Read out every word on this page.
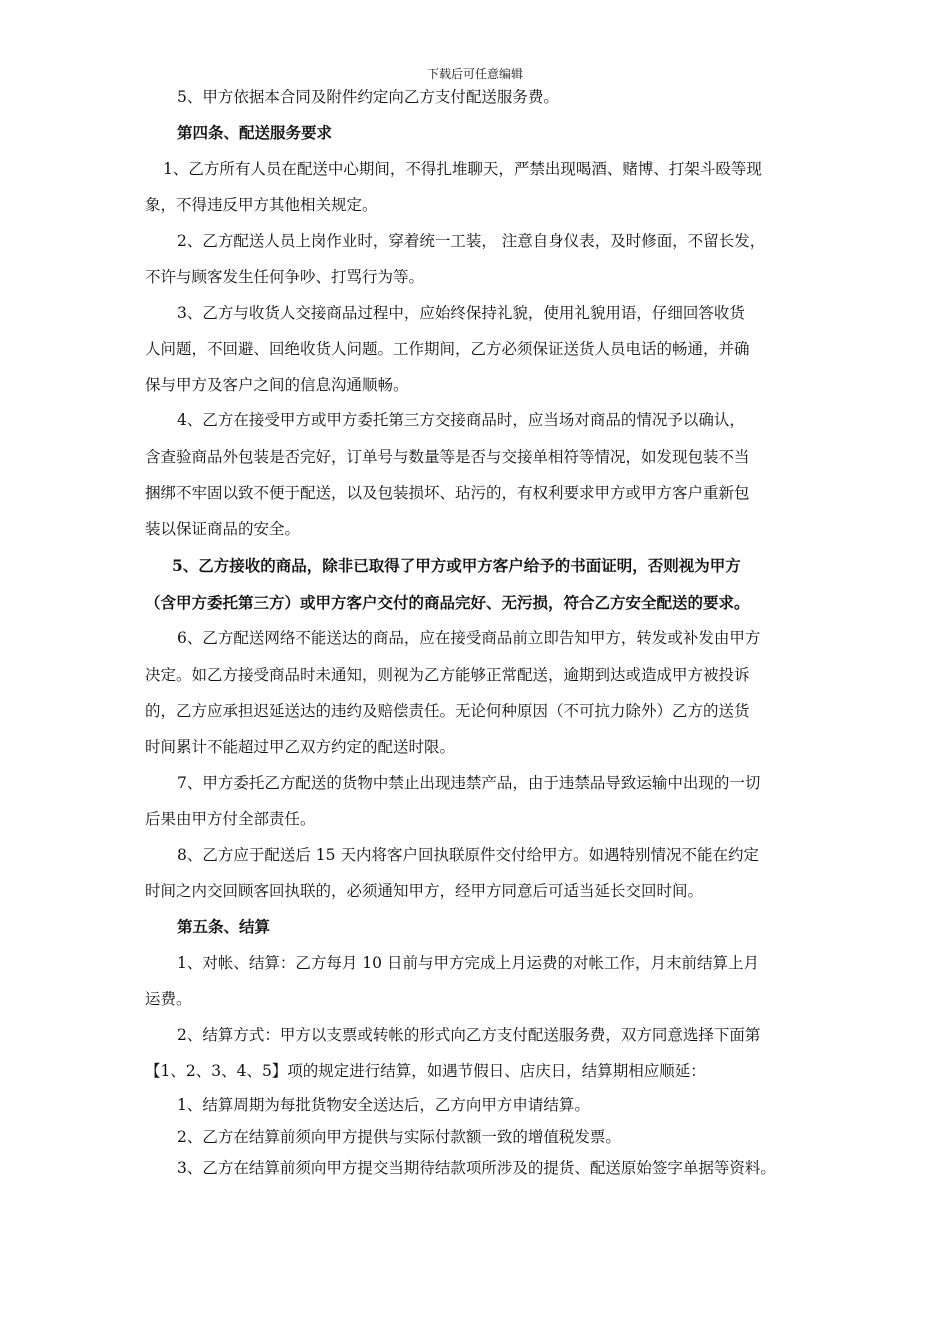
下载后可任意编辑
5、甲方依据本合同及附件约定向乙方支付配送服务费。
第四条、配送服务要求
1、乙方所有人员在配送中心期间，不得扎堆聊天，严禁出现喝酒、赌博、打架斗殴等现
象，不得违反甲方其他相关规定。
2、乙方配送人员上岗作业时，穿着统一工装， 注意自身仪表，及时修面，不留长发，
不许与顾客发生任何争吵、打骂行为等。
3、乙方与收货人交接商品过程中，应始终保持礼貌，使用礼貌用语，仔细回答收货
人问题，不回避、回绝收货人问题。工作期间，乙方必须保证送货人员电话的畅通，并确
保与甲方及客户之间的信息沟通顺畅。
4、乙方在接受甲方或甲方委托第三方交接商品时，应当场对商品的情况予以确认，
含查验商品外包装是否完好，订单号与数量等是否与交接单相符等情况，如发现包装不当
捆绑不牢固以致不便于配送，以及包装损坏、玷污的，有权利要求甲方或甲方客户重新包
装以保证商品的安全。
5、乙方接收的商品，除非已取得了甲方或甲方客户给予的书面证明，否则视为甲方
（含甲方委托第三方）或甲方客户交付的商品完好、无污损，符合乙方安全配送的要求。
6、乙方配送网络不能送达的商品，应在接受商品前立即告知甲方，转发或补发由甲方
决定。如乙方接受商品时未通知，则视为乙方能够正常配送，逾期到达或造成甲方被投诉
的，乙方应承担迟延送达的违约及赔偿责任。无论何种原因（不可抗力除外）乙方的送货
时间累计不能超过甲乙双方约定的配送时限。
7、甲方委托乙方配送的货物中禁止出现违禁产品，由于违禁品导致运输中出现的一切
后果由甲方付全部责任。
8、乙方应于配送后 15 天内将客户回执联原件交付给甲方。如遇特别情况不能在约定
时间之内交回顾客回执联的，必须通知甲方，经甲方同意后可适当延长交回时间。
第五条、结算
1、对帐、结算：乙方每月 10 日前与甲方完成上月运费的对帐工作，月末前结算上月
运费。
2、结算方式：甲方以支票或转帐的形式向乙方支付配送服务费，双方同意选择下面第
【1、2、3、4、5】项的规定进行结算，如遇节假日、店庆日，结算期相应顺延：
1、结算周期为每批货物安全送达后，乙方向甲方申请结算。
2、乙方在结算前须向甲方提供与实际付款额一致的增值税发票。
3、乙方在结算前须向甲方提交当期待结款项所涉及的提货、配送原始签字单据等资料。
